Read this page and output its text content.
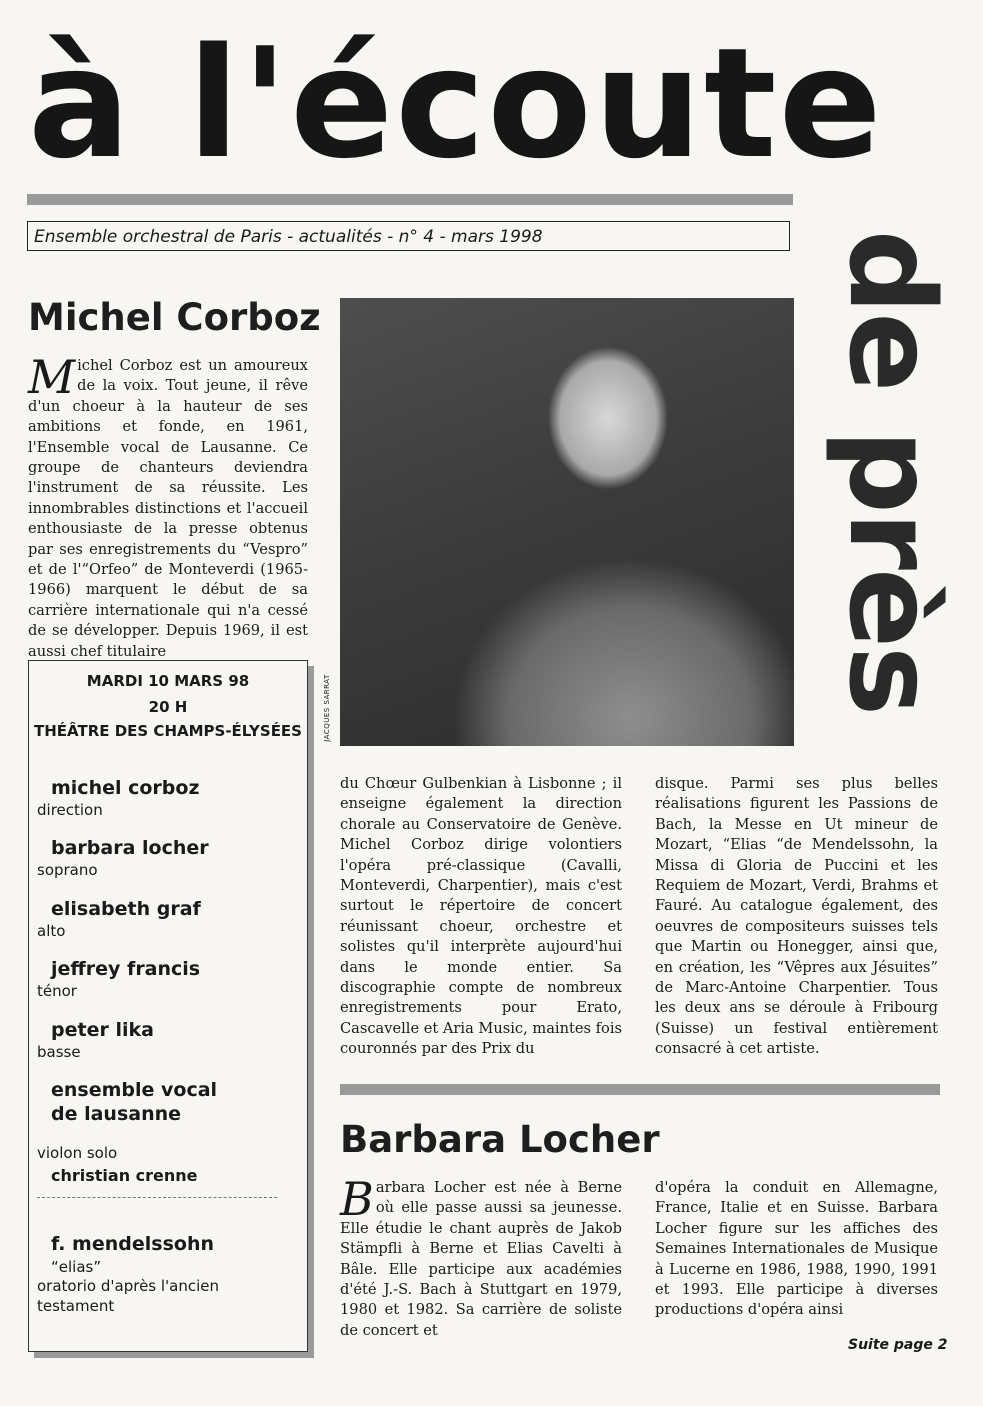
à l'écoute
Ensemble orchestral de Paris - actualités - n° 4 - mars 1998	de près
Michel Corboz
Michel Corboz est un amoureux de la voix. Tout jeune, il rêve d'un choeur à la hauteur de ses ambitions et fonde, en 1961, l'Ensemble vocal de Lausanne. Ce groupe de chanteurs deviendra l'instrument de sa réussite. Les innombrables distinctions et l'accueil enthousiaste de la presse obtenus par ses enregistrements du “Vespro” et de l'“Orfeo” de Monteverdi (1965-1966) marquent le début de sa carrière internationale qui n'a cessé de se développer. Depuis 1969, il est aussi chef titulaire
JACQUES SARRAT
du Chœur Gulbenkian à Lisbonne ; il enseigne également la direction chorale au Conservatoire de Genève. Michel Corboz dirige volontiers l'opéra pré-classique (Cavalli, Monteverdi, Charpentier), mais c'est surtout le répertoire de concert réunissant choeur, orchestre et solistes qu'il interprète aujourd'hui dans le monde entier. Sa discographie compte de nombreux enregistrements pour Erato, Cascavelle et Aria Music, maintes fois couronnés par des Prix du
disque. Parmi ses plus belles réalisations figurent les Passions de Bach, la Messe en Ut mineur de Mozart, “Elias “de Mendelssohn, la Missa di Gloria de Puccini et les Requiem de Mozart, Verdi, Brahms et Fauré. Au catalogue également, des oeuvres de compositeurs suisses tels que Martin ou Honegger, ainsi que, en création, les “Vêpres aux Jésuites” de Marc-Antoine Charpentier. Tous les deux ans se déroule à Fribourg (Suisse) un festival entièrement consacré à cet artiste.
MARDI 10 MARS 98
20 H
THÉÂTRE DES CHAMPS-ÉLYSÉES
michel corboz
direction
barbara locher
soprano
elisabeth graf
alto
jeffrey francis
ténor
peter lika
basse
ensemble vocal
de lausanne
violon solo
christian crenne
f. mendelssohn
“elias”
oratorio d'après l'ancien
testament
Barbara Locher
Barbara Locher est née à Berne où elle passe aussi sa jeunesse. Elle étudie le chant auprès de Jakob Stämpfli à Berne et Elias Cavelti à Bâle. Elle participe aux académies d'été J.-S. Bach à Stuttgart en 1979, 1980 et 1982. Sa carrière de soliste de concert et
d'opéra la conduit en Allemagne, France, Italie et en Suisse. Barbara Locher figure sur les affiches des Semaines Internationales de Musique à Lucerne en 1986, 1988, 1990, 1991 et 1993. Elle participe à diverses productions d'opéra ainsi
Suite page 2
